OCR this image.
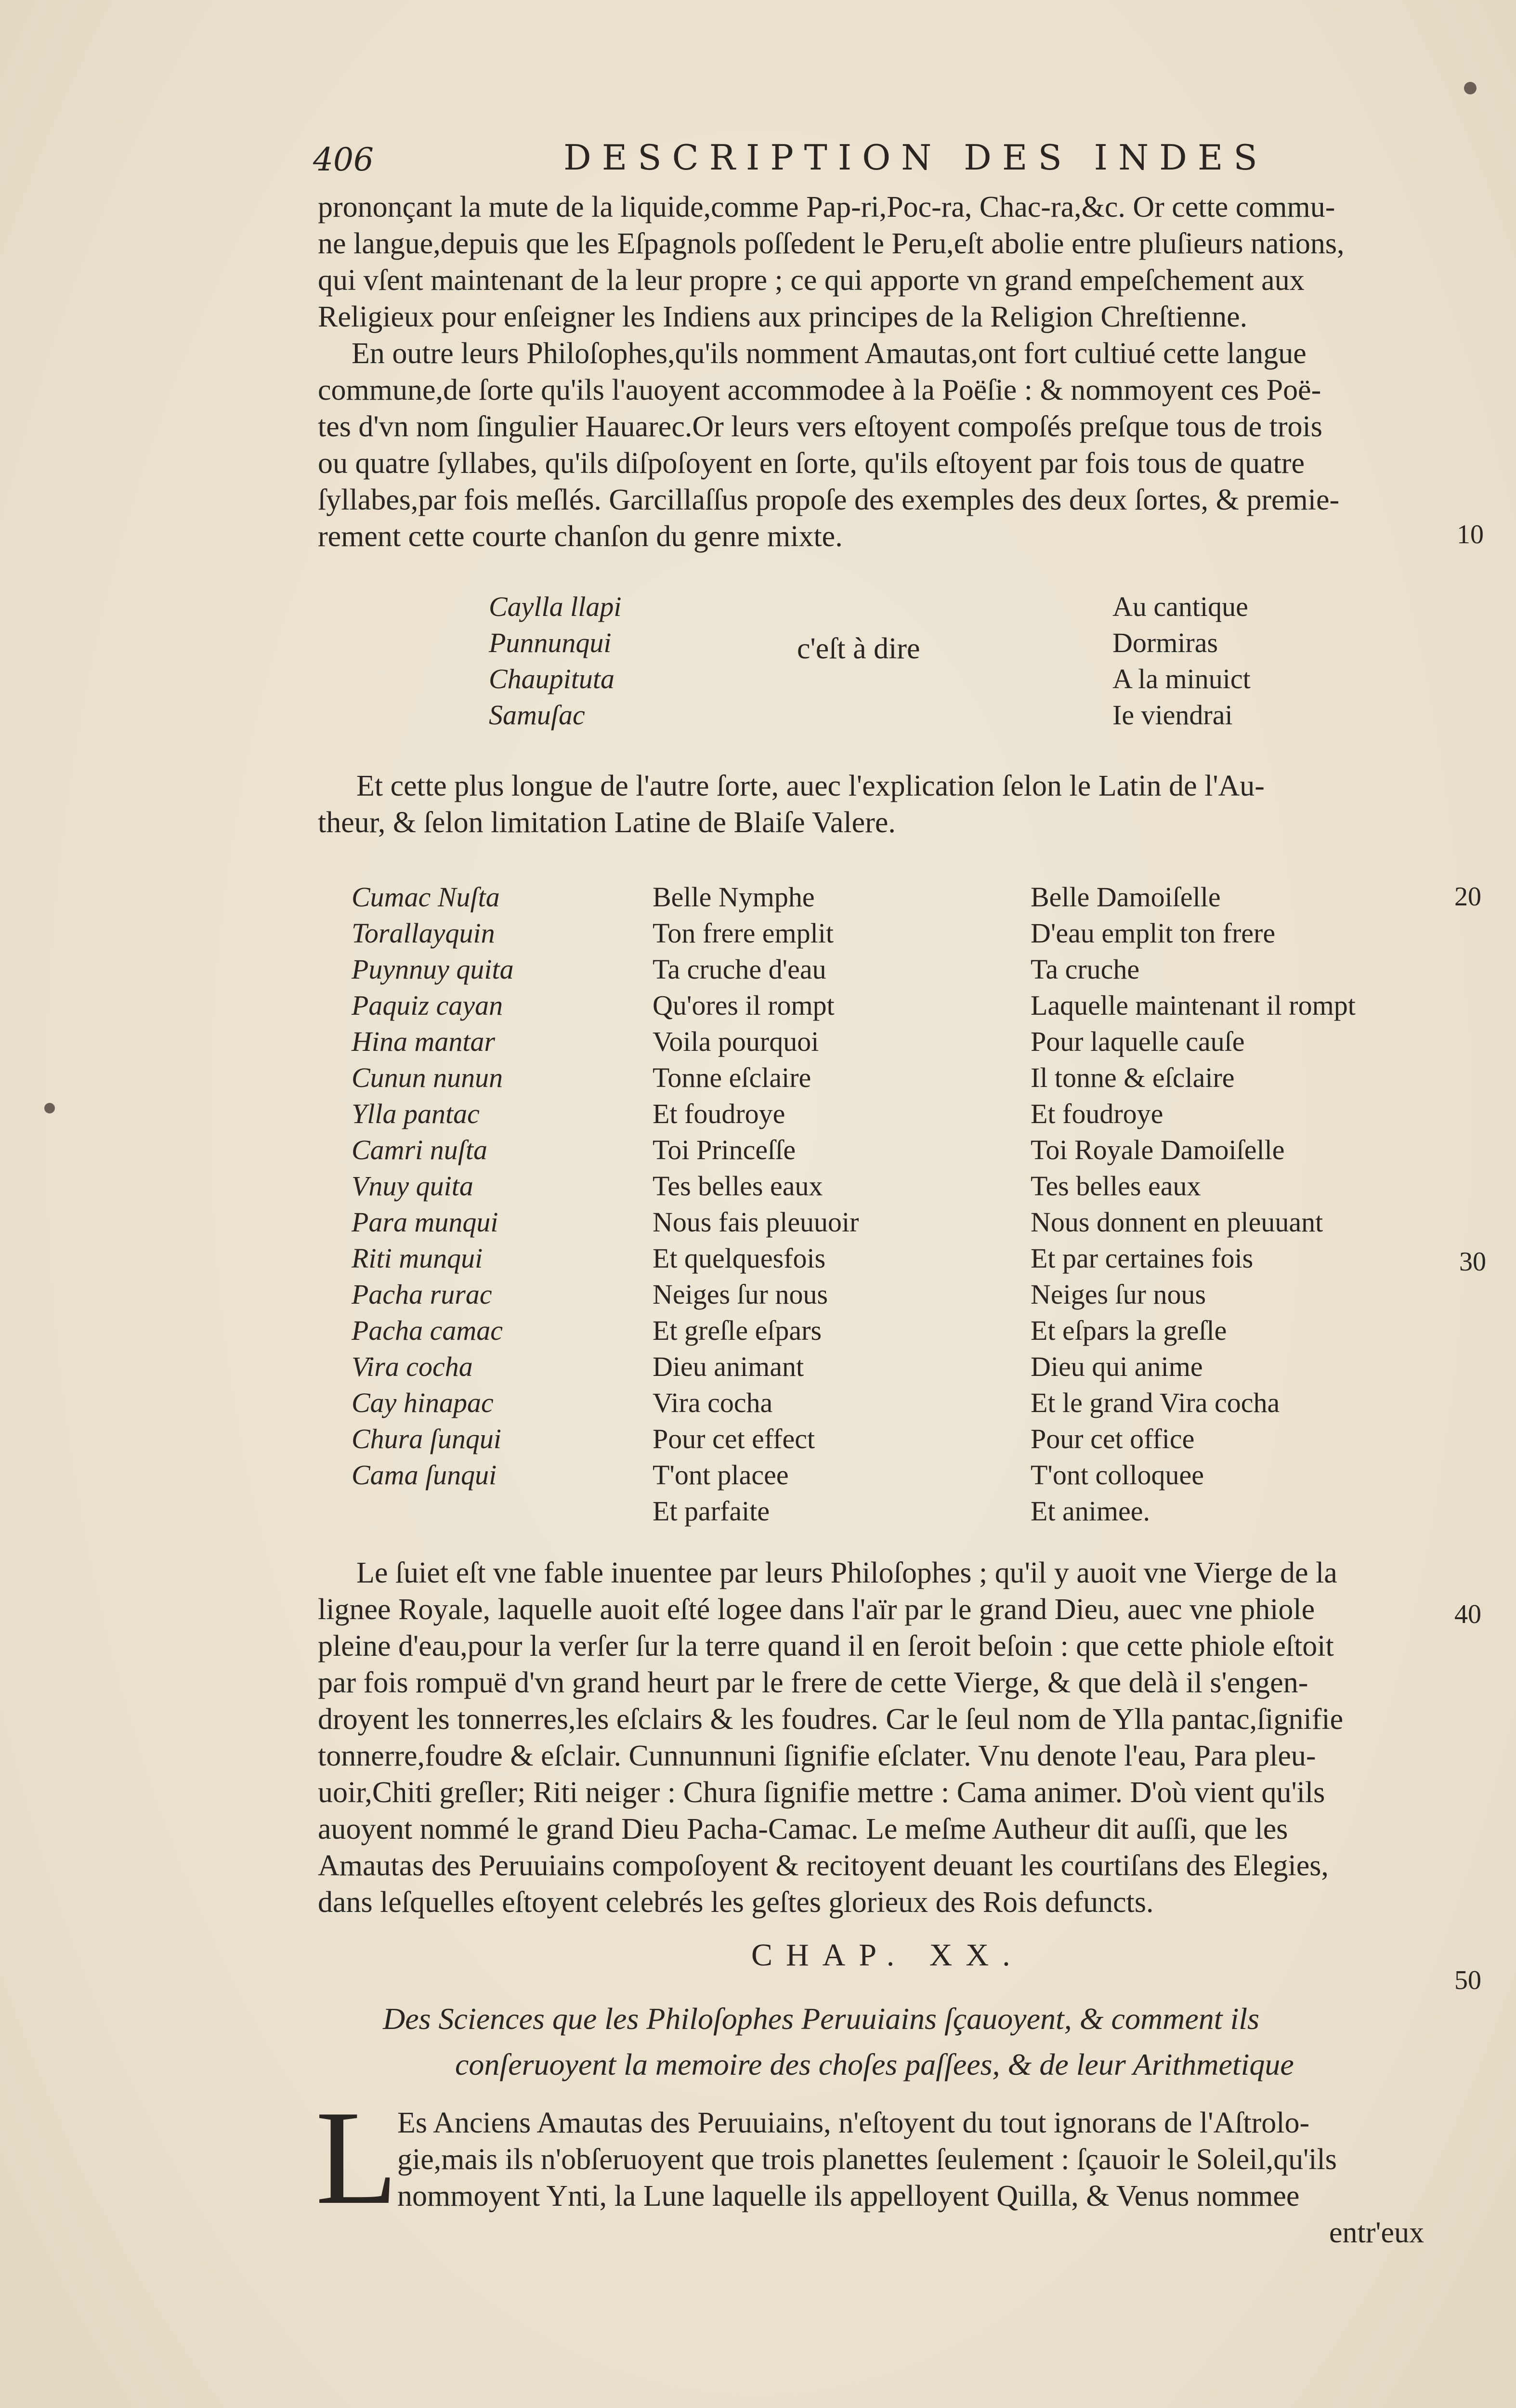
406	DESCRIPTION DES INDES
prononçant la mute de la liquide,comme Pap-ri,Poc-ra, Chac-ra,&c. Or cette commu-
ne langue,depuis que les Eſpagnols poſſedent le Peru,eſt abolie entre pluſieurs nations,
qui vſent maintenant de la leur propre ; ce qui apporte vn grand empeſchement aux
Religieux pour enſeigner les Indiens aux principes de la Religion Chreſtienne.
En outre leurs Philoſophes,qu'ils nomment Amautas,ont fort cultiué cette langue
commune,de ſorte qu'ils l'auoyent accommodee à la Poëſie : & nommoyent ces Poë-
tes d'vn nom ſingulier Hauarec.Or leurs vers eſtoyent compoſés preſque tous de trois
ou quatre ſyllabes, qu'ils diſpoſoyent en ſorte, qu'ils eſtoyent par fois tous de quatre
ſyllabes,par fois meſlés. Garcillaſſus propoſe des exemples des deux ſortes, & premie-
rement cette courte chanſon du genre mixte.	10
Caylla llapi
Punnunqui
Chaupituta
Samuſac
c'eſt à dire
Au cantique
Dormiras
A la minuict
Ie viendrai
Et cette plus longue de l'autre ſorte, auec l'explication ſelon le Latin de l'Au-
theur, & ſelon limitation Latine de Blaiſe Valere.
Cumac Nuſta
Torallayquin
Puynnuy quita
Paquiz cayan
Hina mantar
Cunun nunun
Ylla pantac
Camri nuſta
Vnuy quita
Para munqui
Riti munqui
Pacha rurac
Pacha camac
Vira cocha
Cay hinapac
Chura ſunqui
Cama ſunqui
Belle Nymphe
Ton frere emplit
Ta cruche d'eau
Qu'ores il rompt
Voila pourquoi
Tonne eſclaire
Et foudroye
Toi Princeſſe
Tes belles eaux
Nous fais pleuuoir
Et quelquesfois
Neiges ſur nous
Et greſle eſpars
Dieu animant
Vira cocha
Pour cet effect
T'ont placee
Et parfaite
Belle Damoiſelle
D'eau emplit ton frere
Ta cruche
Laquelle maintenant il rompt
Pour laquelle cauſe
Il tonne & eſclaire
Et foudroye
Toi Royale Damoiſelle
Tes belles eaux
Nous donnent en pleuuant
Et par certaines fois
Neiges ſur nous
Et eſpars la greſle
Dieu qui anime
Et le grand Vira cocha
Pour cet office
T'ont colloquee
Et animee.
20
30
Le ſuiet eſt vne fable inuentee par leurs Philoſophes ; qu'il y auoit vne Vierge de la
lignee Royale, laquelle auoit eſté logee dans l'aïr par le grand Dieu, auec vne phiole
pleine d'eau,pour la verſer ſur la terre quand il en ſeroit beſoin : que cette phiole eſtoit
par fois rompuë d'vn grand heurt par le frere de cette Vierge, & que delà il s'engen-
droyent les tonnerres,les eſclairs & les foudres. Car le ſeul nom de Ylla pantac,ſignifie
tonnerre,foudre & eſclair. Cunnunnuni ſignifie eſclater. Vnu denote l'eau, Para pleu-
uoir,Chiti greſler; Riti neiger : Chura ſignifie mettre : Cama animer. D'où vient qu'ils
auoyent nommé le grand Dieu Pacha-Camac. Le meſme Autheur dit auſſi, que les
Amautas des Peruuiains compoſoyent & recitoyent deuant les courtiſans des Elegies,
dans leſquelles eſtoyent celebrés les geſtes glorieux des Rois defuncts.
40
CHAP. XX.
50
Des Sciences que les Philoſophes Peruuiains ſçauoyent, & comment ils
conſeruoyent la memoire des choſes paſſees, & de leur Arithmetique
L
Es Anciens Amautas des Peruuiains, n'eſtoyent du tout ignorans de l'Aſtrolo-
gie,mais ils n'obſeruoyent que trois planettes ſeulement : ſçauoir le Soleil,qu'ils
nommoyent Ynti, la Lune laquelle ils appelloyent Quilla, & Venus nommee
entr'eux
